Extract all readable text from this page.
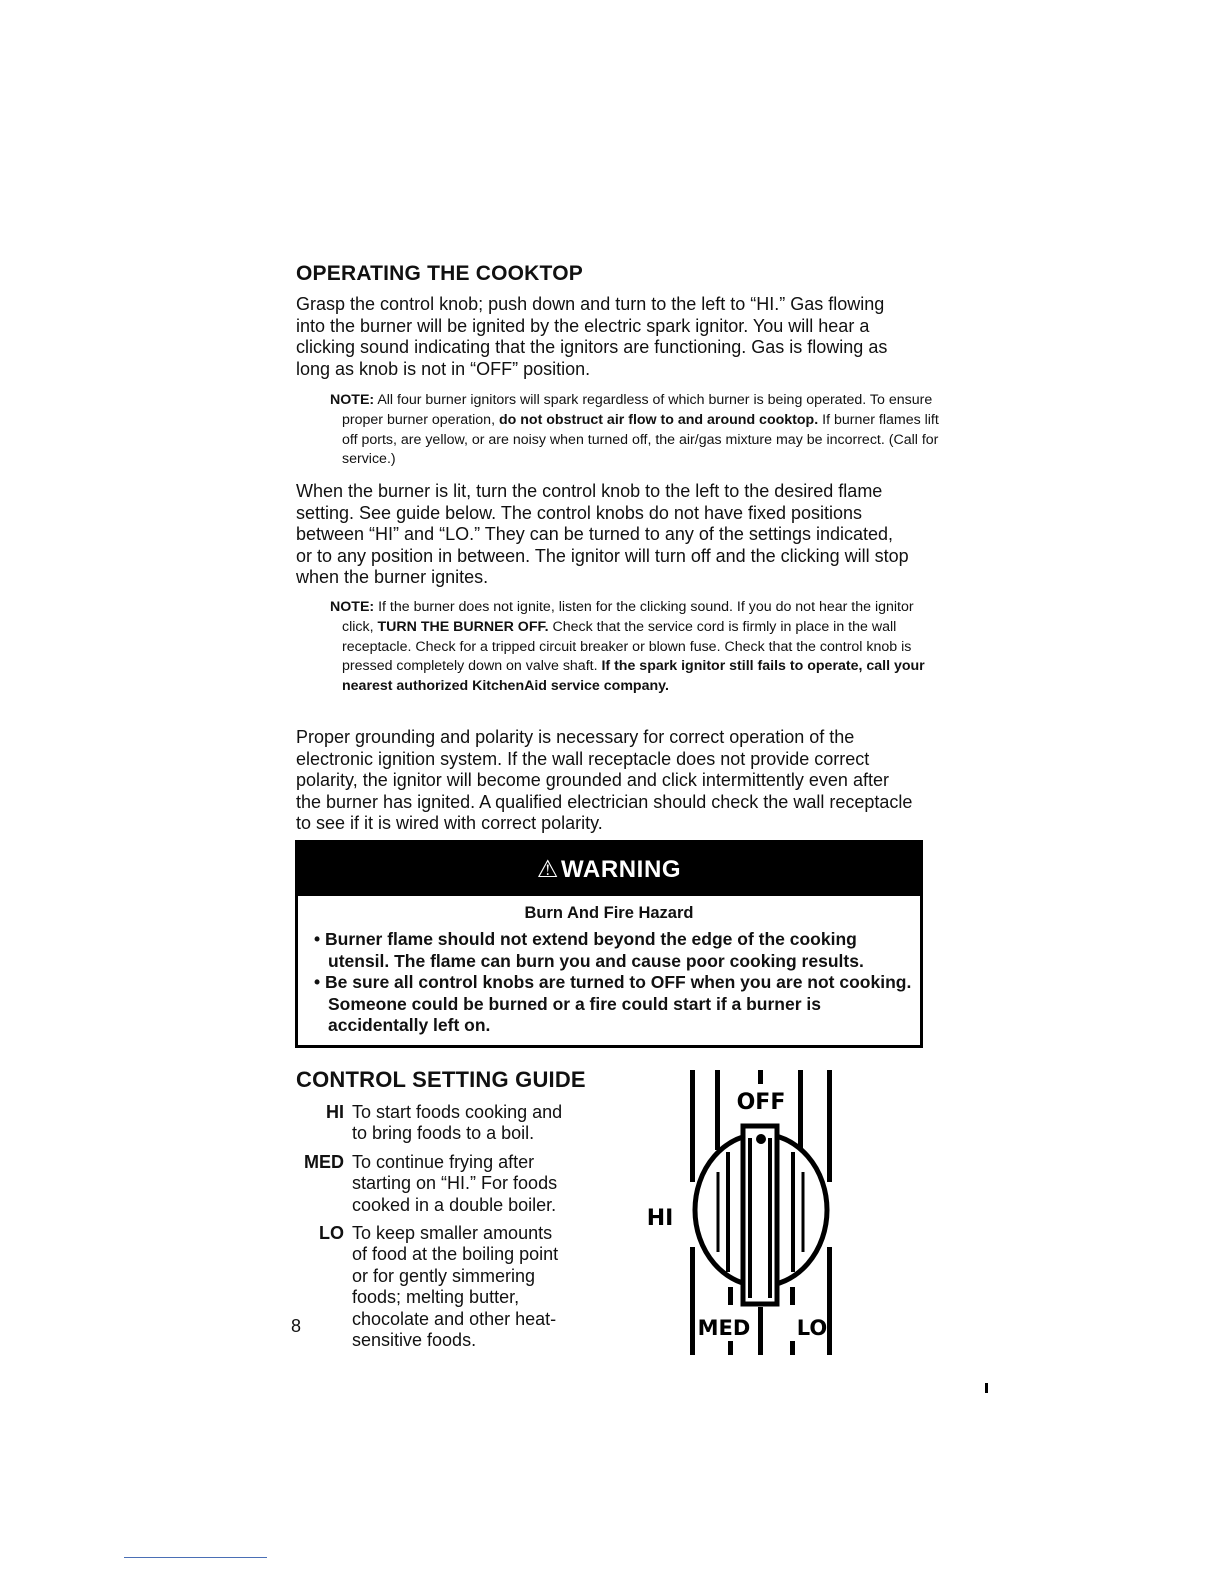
OPERATING THE COOKTOP

Grasp the control knob; push down and turn to the left to “HI.” Gas flowing into the burner will be ignited by the electric spark ignitor. You will hear a clicking sound indicating that the ignitors are functioning. Gas is flowing as long as knob is not in “OFF” position.

NOTE: All four burner ignitors will spark regardless of which burner is being operated. To ensure proper burner operation, do not obstruct air flow to and around cooktop. If burner flames lift off ports, are yellow, or are noisy when turned off, the air/gas mixture may be incorrect. (Call for service.)

When the burner is lit, turn the control knob to the left to the desired flame setting. See guide below. The control knobs do not have fixed positions between “HI” and “LO.” They can be turned to any of the settings indicated, or to any position in between. The ignitor will turn off and the clicking will stop when the burner ignites.

NOTE: If the burner does not ignite, listen for the clicking sound. If you do not hear the ignitor click, TURN THE BURNER OFF. Check that the service cord is firmly in place in the wall receptacle. Check for a tripped circuit breaker or blown fuse. Check that the control knob is pressed completely down on valve shaft. If the spark ignitor still fails to operate, call your nearest authorized KitchenAid service company.

Proper grounding and polarity is necessary for correct operation of the electronic ignition system. If the wall receptacle does not provide correct polarity, the ignitor will become grounded and click intermittently even after the burner has ignited. A qualified electrician should check the wall receptacle to see if it is wired with correct polarity.

⚠ WARNING
Burn And Fire Hazard
• Burner flame should not extend beyond the edge of the cooking utensil. The flame can burn you and cause poor cooking results.
• Be sure all control knobs are turned to OFF when you are not cooking. Someone could be burned or a fire could start if a burner is accidentally left on.
CONTROL SETTING GUIDE
HI To start foods cooking and to bring foods to a boil.
MED To continue frying after starting on “HI.” For foods cooked in a double boiler.
LO To keep smaller amounts of food at the boiling point or for gently simmering foods; melting butter, chocolate and other heat-sensitive foods.
8
OFF
HI
MED LO
